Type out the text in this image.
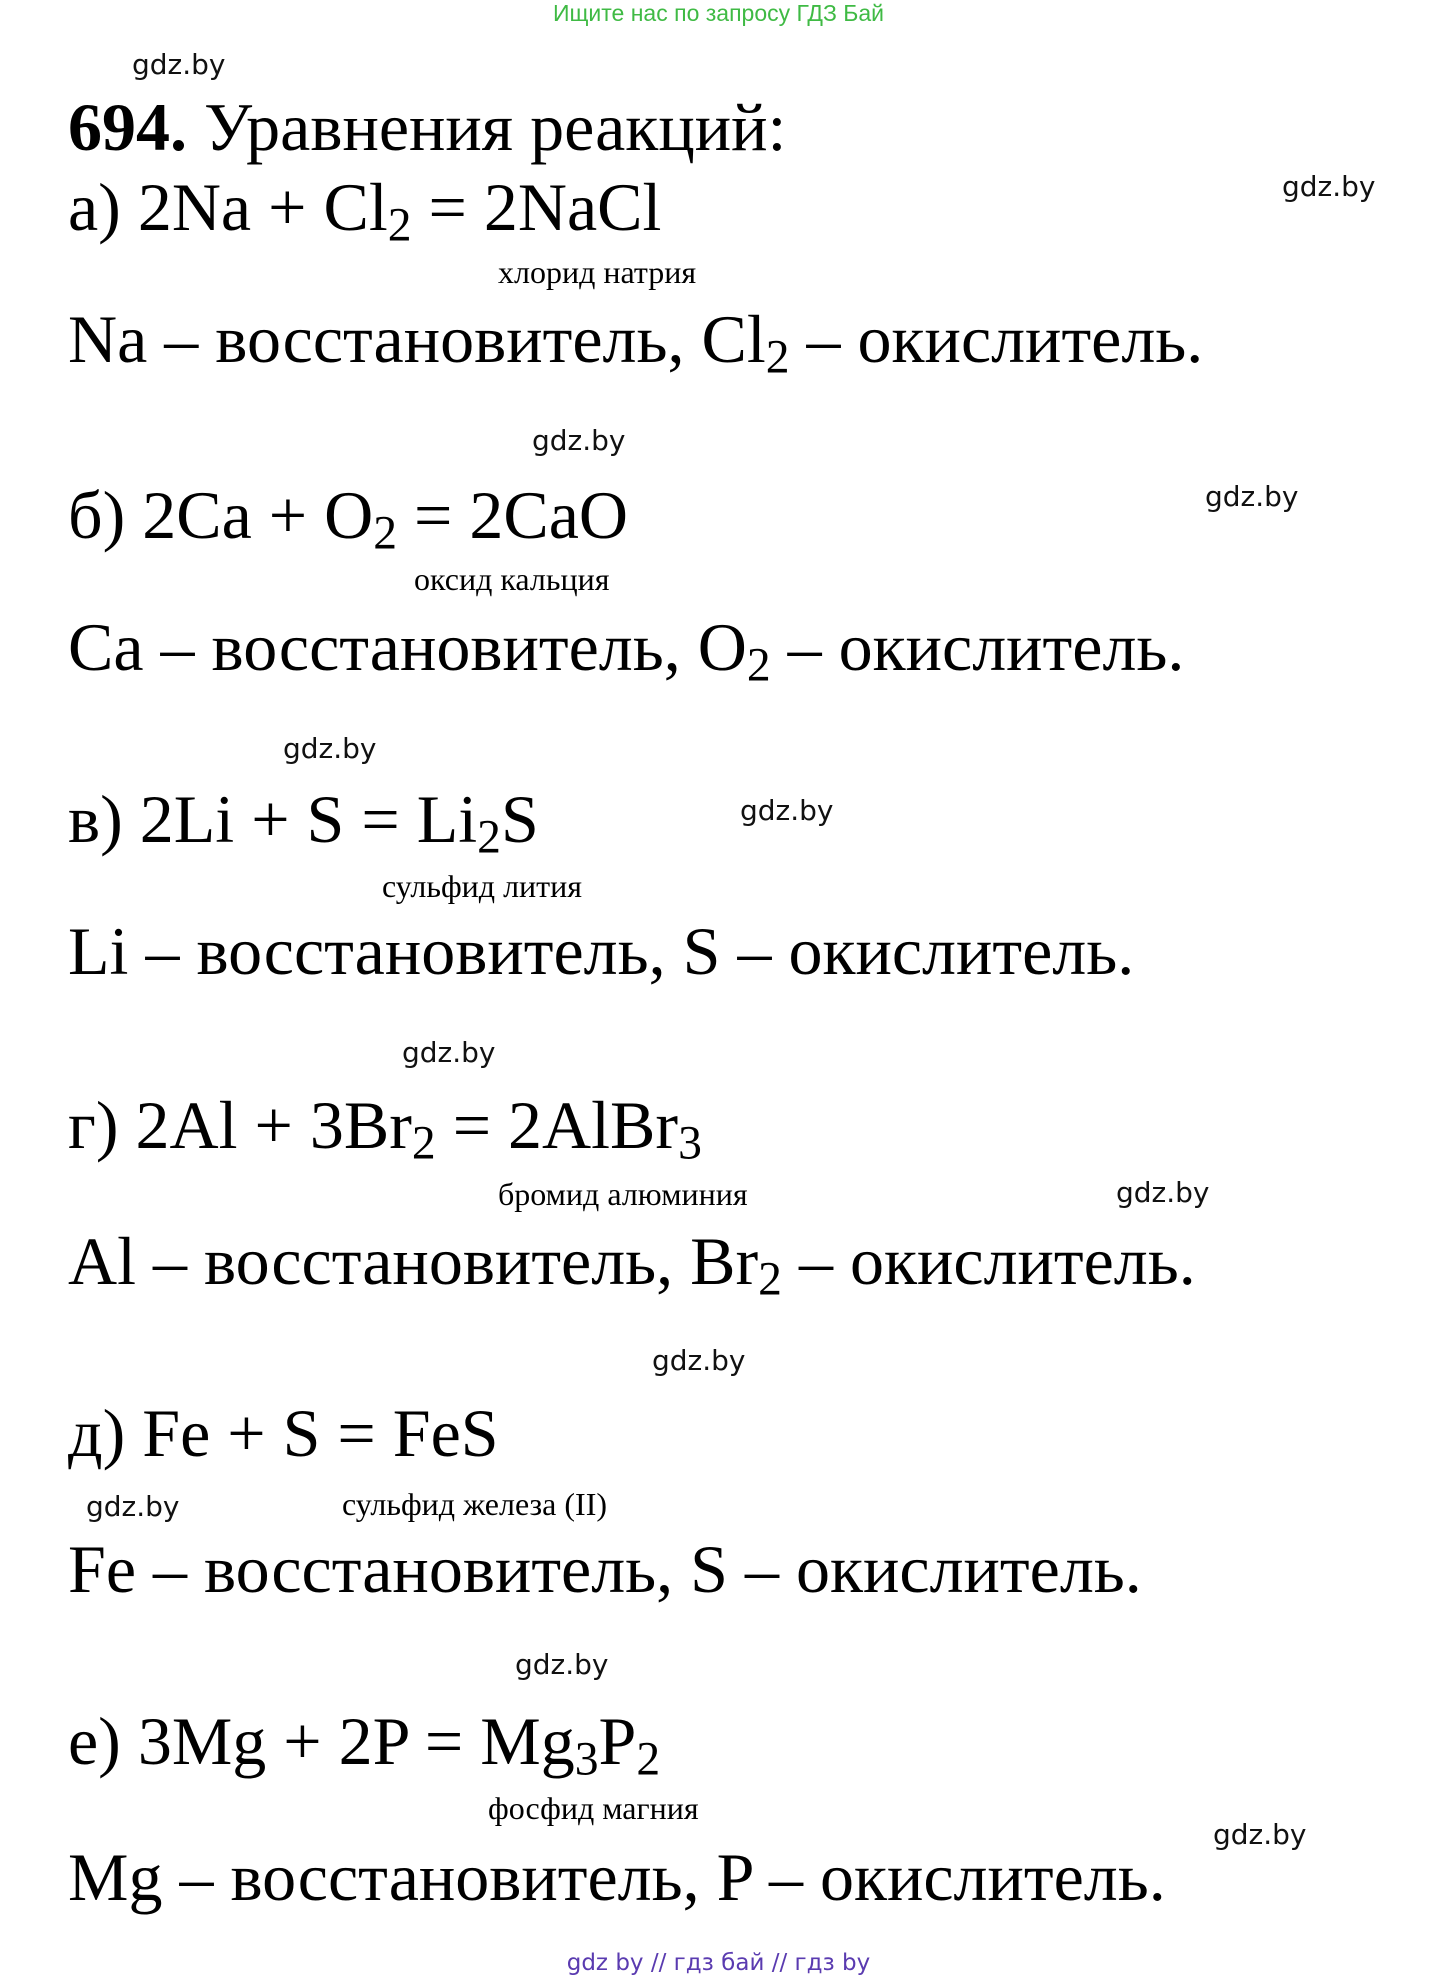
Ищите нас по запросу ГДЗ Бай
gdz.by
gdz.by
gdz.by
gdz.by
gdz.by
gdz.by
gdz.by
gdz.by
gdz.by
gdz.by
gdz.by
gdz.by
694. Уравнения реакций:
а) $2Na + Cl_2$ = 2NaCl
хлорид натрия
Na – восстановитель, $Cl_2$ – окислитель.
б) $2Ca + O_2 = 2CaO$
оксид кальция
Ca – восстановитель, $O_2$ – окислитель.
в) $2Li + S = Li_2S$
сульфид лития
Li – восстановитель, S – окислитель.
г) $2Al + 3Br_2$ = 2AlBr$_3$
бромид алюминия
Al – восстановитель, $Br_2$ – окислитель.
д) Fe + S = FeS
сульфид железа (II)
Fe – восстановитель, S – окислитель.
е) $3Mg + 2P = Mg_3P_2$
фосфид магния
Mg – восстановитель, P – окислитель.
gdz by // гдз бай // гдз by
